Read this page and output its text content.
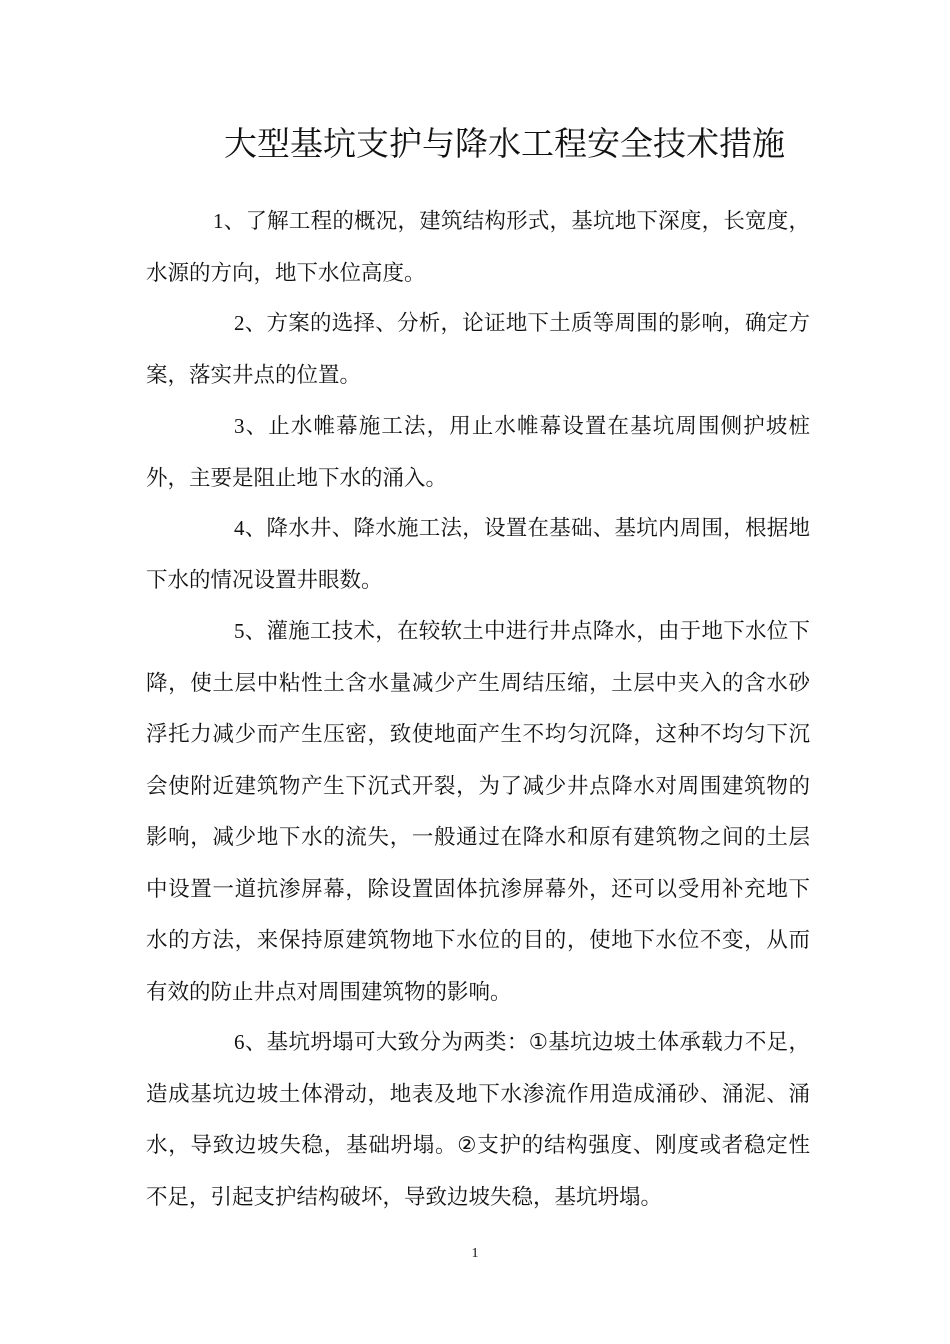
大型基坑支护与降水工程安全技术措施

1、了解工程的概况，建筑结构形式，基坑地下深度，长宽度，水源的方向，地下水位高度。

2、方案的选择、分析，论证地下土质等周围的影响，确定方案，落实井点的位置。

3、止水帷幕施工法，用止水帷幕设置在基坑周围侧护坡桩外，主要是阻止地下水的涌入。

4、降水井、降水施工法，设置在基础、基坑内周围，根据地下水的情况设置井眼数。

5、灌施工技术，在较软土中进行井点降水，由于地下水位下降，使土层中粘性土含水量减少产生周结压缩，土层中夹入的含水砂浮托力减少而产生压密，致使地面产生不均匀沉降，这种不均匀下沉会使附近建筑物产生下沉式开裂，为了减少井点降水对周围建筑物的影响，减少地下水的流失，一般通过在降水和原有建筑物之间的土层中设置一道抗渗屏幕，除设置固体抗渗屏幕外，还可以受用补充地下水的方法，来保持原建筑物地下水位的目的，使地下水位不变，从而有效的防止井点对周围建筑物的影响。

6、基坑坍塌可大致分为两类：①基坑边坡土体承载力不足，造成基坑边坡土体滑动，地表及地下水渗流作用造成涌砂、涌泥、涌水，导致边坡失稳，基础坍塌。②支护的结构强度、刚度或者稳定性不足，引起支护结构破坏，导致边坡失稳，基坑坍塌。

1
